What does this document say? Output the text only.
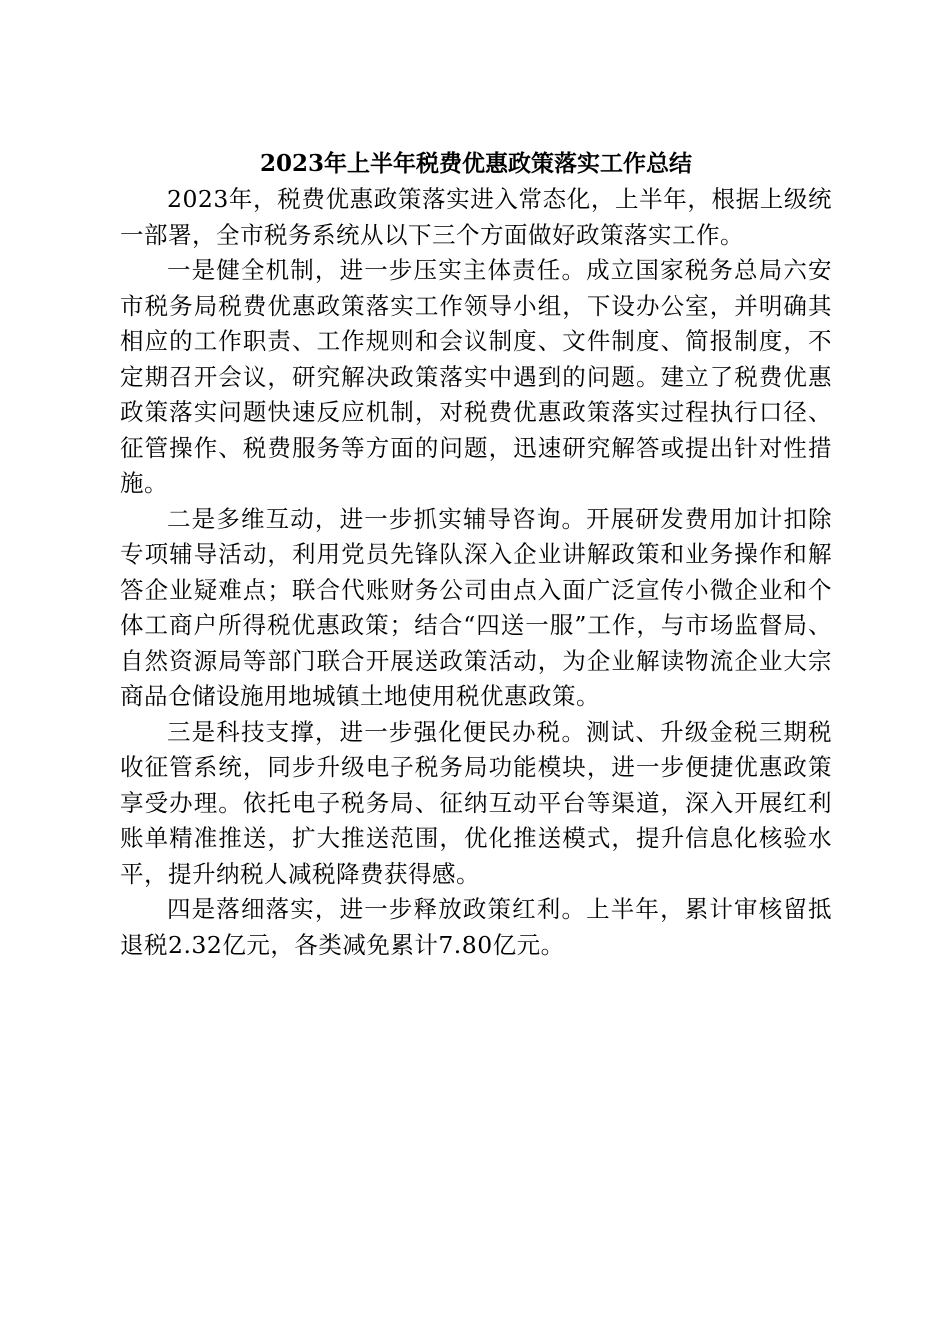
2023年上半年税费优惠政策落实工作总结

2023年，税费优惠政策落实进入常态化，上半年，根据上级统一部署，全市税务系统从以下三个方面做好政策落实工作。

一是健全机制，进一步压实主体责任。成立国家税务总局六安市税务局税费优惠政策落实工作领导小组，下设办公室，并明确其相应的工作职责、工作规则和会议制度、文件制度、简报制度，不定期召开会议，研究解决政策落实中遇到的问题。建立了税费优惠政策落实问题快速反应机制，对税费优惠政策落实过程执行口径、征管操作、税费服务等方面的问题，迅速研究解答或提出针对性措施。

二是多维互动，进一步抓实辅导咨询。开展研发费用加计扣除专项辅导活动，利用党员先锋队深入企业讲解政策和业务操作和解答企业疑难点；联合代账财务公司由点入面广泛宣传小微企业和个体工商户所得税优惠政策；结合“四送一服”工作，与市场监督局、自然资源局等部门联合开展送政策活动，为企业解读物流企业大宗商品仓储设施用地城镇土地使用税优惠政策。

三是科技支撑，进一步强化便民办税。测试、升级金税三期税收征管系统，同步升级电子税务局功能模块，进一步便捷优惠政策享受办理。依托电子税务局、征纳互动平台等渠道，深入开展红利账单精准推送，扩大推送范围，优化推送模式，提升信息化核验水平，提升纳税人减税降费获得感。

四是落细落实，进一步释放政策红利。上半年，累计审核留抵退税2.32亿元，各类减免累计7.80亿元。
